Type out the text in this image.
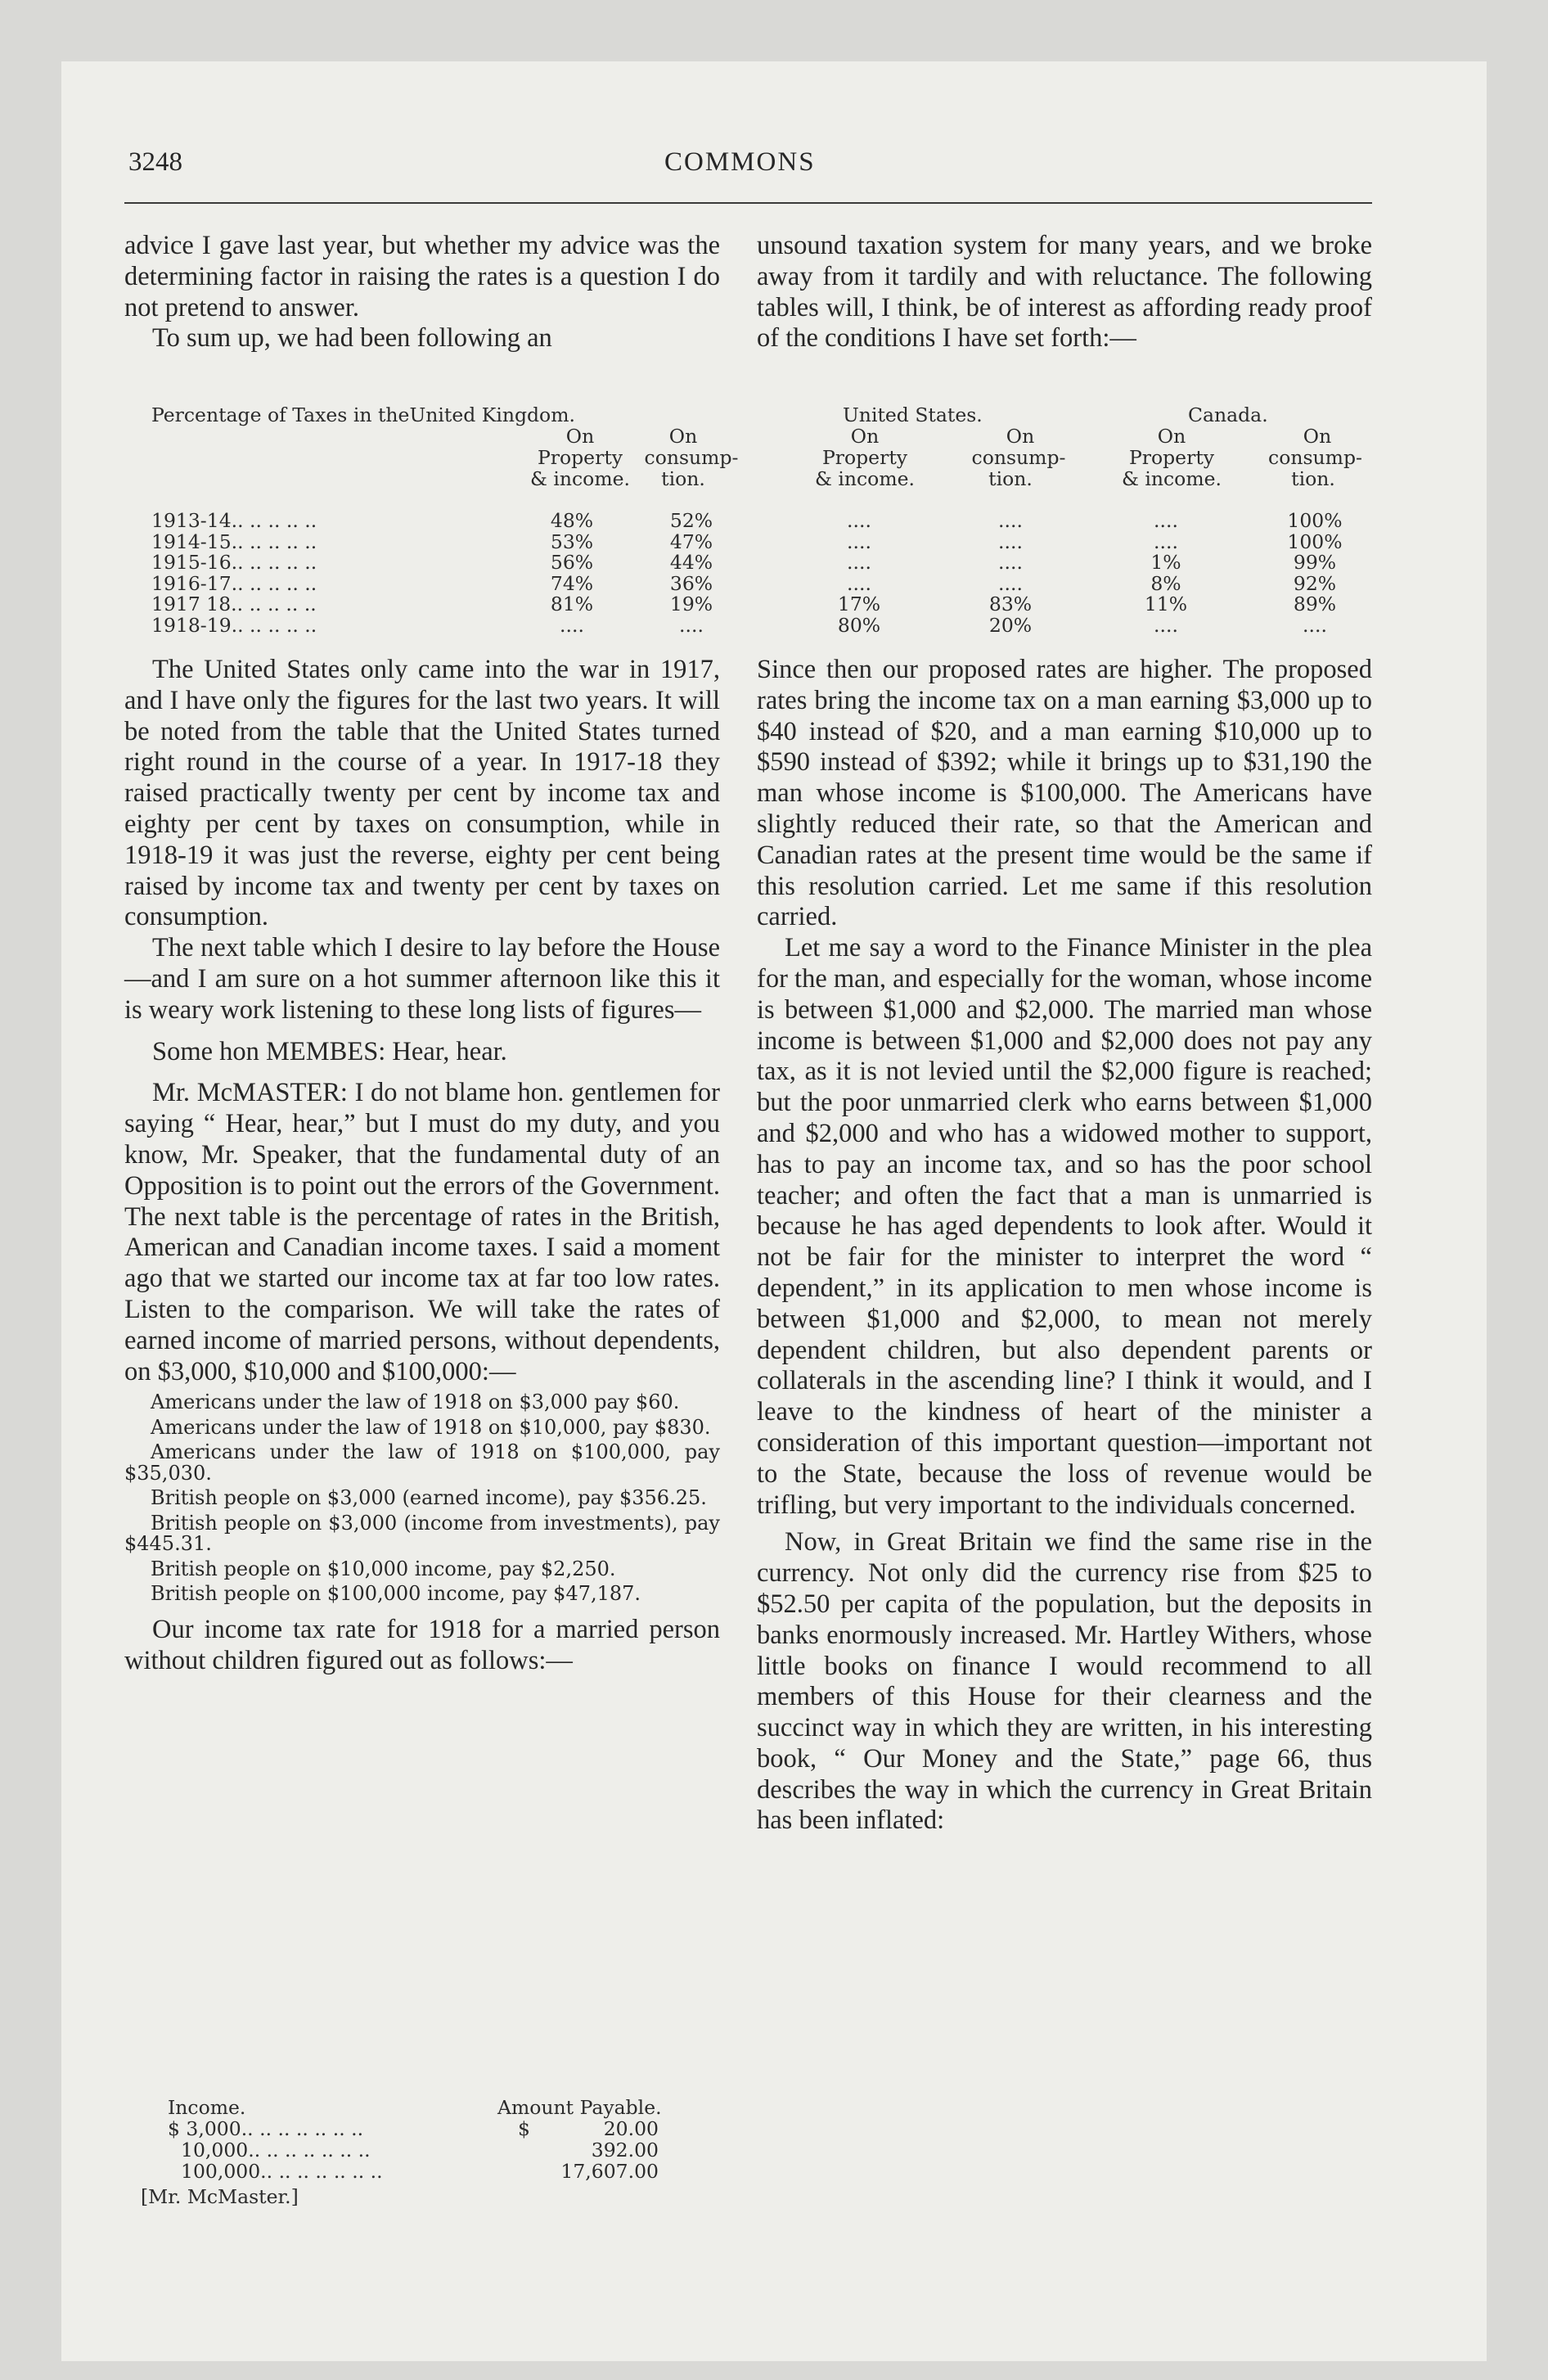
3248	COMMONS

advice I gave last year, but whether my advice was the determining factor in raising the rates is a question I do not pretend to answer.

To sum up, we had been following an

unsound taxation system for many years, and we broke away from it tardily and with reluctance. The following tables will, I think, be of interest as affording ready proof of the conditions I have set forth:—

Percentage of Taxes in theUnited Kingdom.	United States.	Canada.
On	On	On	On	On	On
Property	consump-	Property	consump-	Property	consump-
& income.	tion.	& income.	tion.	& income.	tion.
1913-14.. .. .. .. ..	48%	52%	....	....	....	100%
1914-15.. .. .. .. ..	53%	47%	....	....	....	100%
1915-16.. .. .. .. ..	56%	44%	....	....	1%	99%
1916-17.. .. .. .. ..	74%	36%	....	....	8%	92%
1917 18.. .. .. .. ..	81%	19%	17%	83%	11%	89%
1918-19.. .. .. .. ..	....	....	80%	20%	....	....

The United States only came into the war in 1917, and I have only the figures for the last two years. It will be noted from the table that the United States turned right round in the course of a year. In 1917-18 they raised practically twenty per cent by income tax and eighty per cent by taxes on consumption, while in 1918-19 it was just the reverse, eighty per cent being raised by income tax and twenty per cent by taxes on consumption.

The next table which I desire to lay before the House—and I am sure on a hot summer afternoon like this it is weary work listening to these long lists of figures—

Some hon MEMBES: Hear, hear.

Mr. McMASTER: I do not blame hon. gentlemen for saying “ Hear, hear,” but I must do my duty, and you know, Mr. Speaker, that the fundamental duty of an Opposition is to point out the errors of the Government. The next table is the percentage of rates in the British, American and Canadian income taxes. I said a moment ago that we started our income tax at far too low rates. Listen to the comparison. We will take the rates of earned income of married persons, without dependents, on $3,000, $10,000 and $100,000:—

Americans under the law of 1918 on $3,000 pay $60.

Americans under the law of 1918 on $10,000, pay $830.

Americans under the law of 1918 on $100,000, pay $35,030.

British people on $3,000 (earned income), pay $356.25.

British people on $3,000 (income from investments), pay $445.31.

British people on $10,000 income, pay $2,250.

British people on $100,000 income, pay $47,187.

Our income tax rate for 1918 for a married person without children figured out as follows:—

Income.	Amount Payable.
$ 3,000.. .. .. .. .. .. ..	$	20.00
10,000.. .. .. .. .. .. ..	392.00
100,000.. .. .. .. .. .. ..	17,607.00
[Mr. McMaster.]

Since then our proposed rates are higher. The proposed rates bring the income tax on a man earning $3,000 up to $40 instead of $20, and a man earning $10,000 up to $590 instead of $392; while it brings up to $31,190 the man whose income is $100,000. The Americans have slightly reduced their rate, so that the American and Canadian rates at the present time would be the same if this resolution carried. Let me same if this resolution carried.

Let me say a word to the Finance Minister in the plea for the man, and especially for the woman, whose income is between $1,000 and $2,000. The married man whose income is between $1,000 and $2,000 does not pay any tax, as it is not levied until the $2,000 figure is reached; but the poor unmarried clerk who earns between $1,000 and $2,000 and who has a widowed mother to support, has to pay an income tax, and so has the poor school teacher; and often the fact that a man is unmarried is because he has aged dependents to look after. Would it not be fair for the minister to interpret the word “ dependent,” in its application to men whose income is between $1,000 and $2,000, to mean not merely dependent children, but also dependent parents or collaterals in the ascending line? I think it would, and I leave to the kindness of heart of the minister a consideration of this important question—important not to the State, because the loss of revenue would be trifling, but very important to the individuals concerned.

Now, in Great Britain we find the same rise in the currency. Not only did the currency rise from $25 to $52.50 per capita of the population, but the deposits in banks enormously increased. Mr. Hartley Withers, whose little books on finance I would recommend to all members of this House for their clearness and the succinct way in which they are written, in his interesting book, “ Our Money and the State,” page 66, thus describes the way in which the currency in Great Britain has been inflated:
